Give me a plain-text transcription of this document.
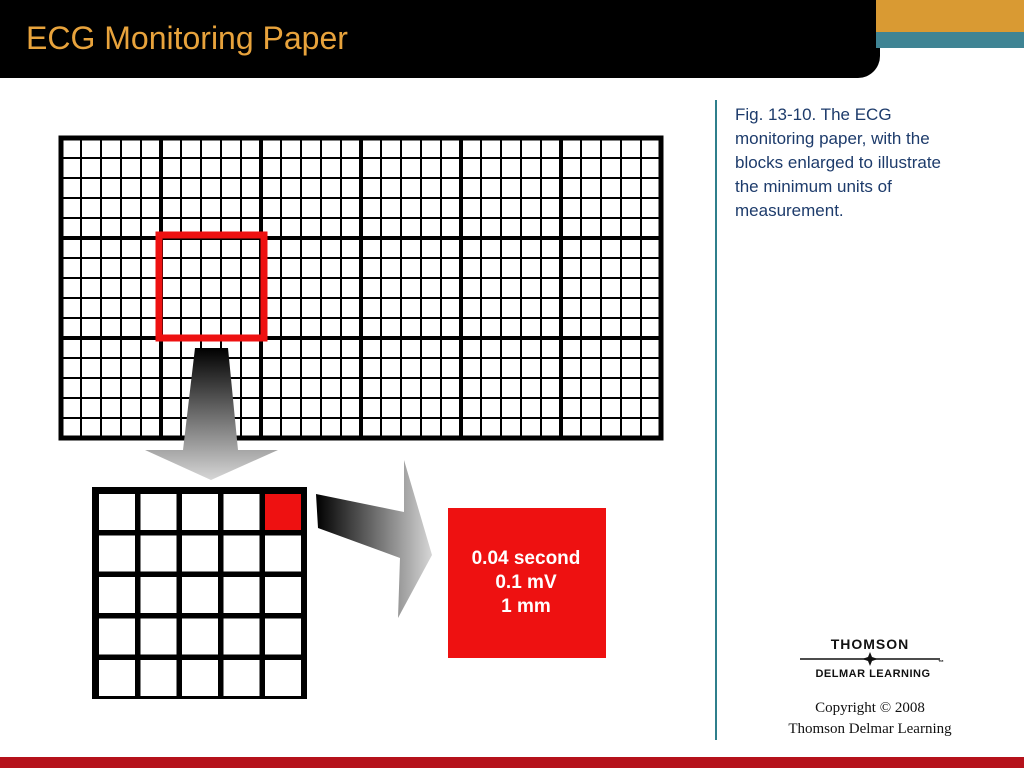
ECG Monitoring Paper
0.04 second
0.1 mV
1 mm
Fig. 13-10. The ECG
monitoring paper, with the
blocks enlarged to illustrate
the minimum units of
measurement.
THOMSON
DELMAR LEARNING
™
Copyright © 2008
Thomson Delmar Learning
